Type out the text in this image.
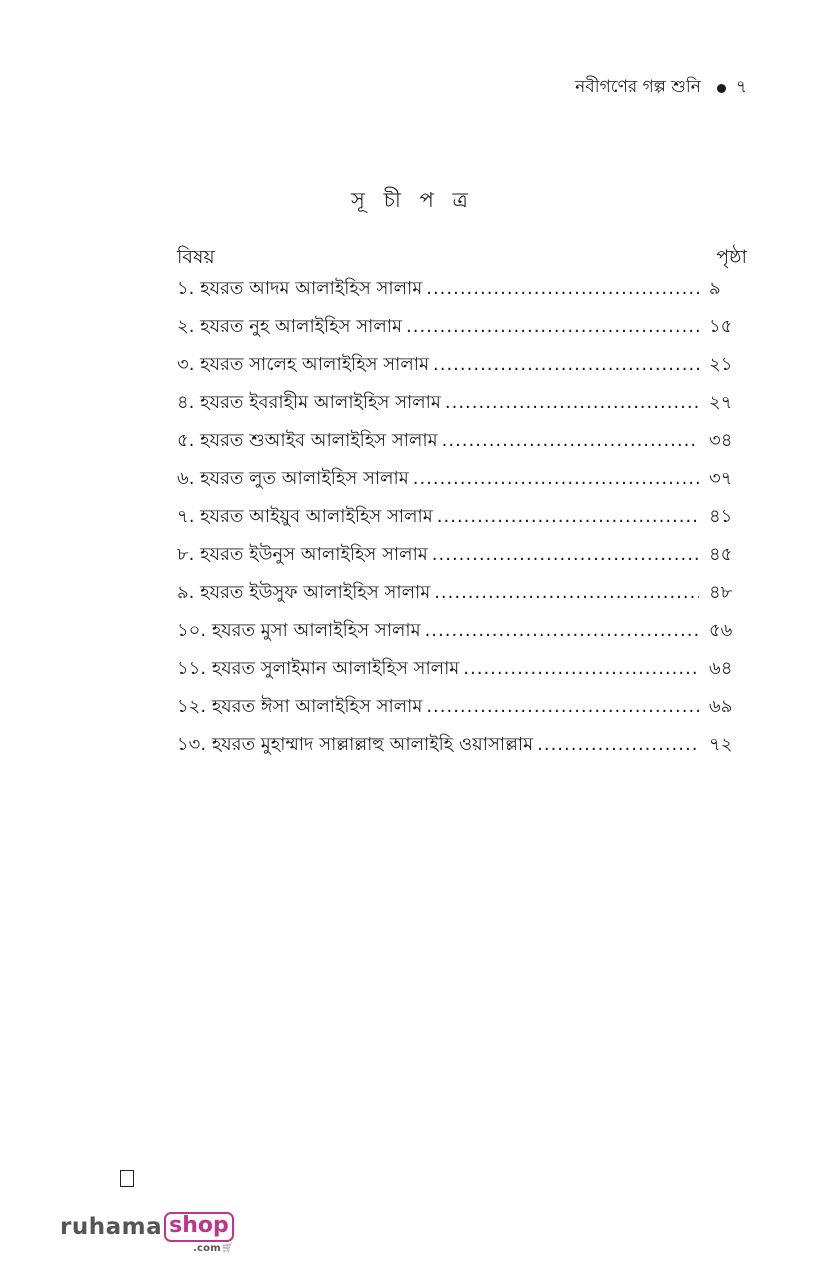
নবীগণের গল্প শুনি ৭
সূ চী প ত্র
বিষয়	পৃষ্ঠা
১. হযরত আদম আলাইহিস সালাম .....	৯
২. হযরত নুহ আলাইহিস সালাম .....	১৫
৩. হযরত সালেহ আলাইহিস সালাম .....	২১
৪. হযরত ইবরাহীম আলাইহিস সালাম .....	২৭
৫. হযরত শুআইব আলাইহিস সালাম .....	৩৪
৬. হযরত লুত আলাইহিস সালাম .....	৩৭
৭. হযরত আইয়ুব আলাইহিস সালাম .....	৪১
৮. হযরত ইউনুস আলাইহিস সালাম .....	৪৫
৯. হযরত ইউসুফ আলাইহিস সালাম .....	৪৮
১০. হযরত মুসা আলাইহিস সালাম .....	৫৬
১১. হযরত সুলাইমান আলাইহিস সালাম .....	৬৪
১২. হযরত ঈসা আলাইহিস সালাম .....	৬৯
১৩. হযরত মুহাম্মাদ সাল্লাল্লাহু আলাইহি ওয়াসাল্লাম .....	৭২
ruhama shop
.com🛒︎
